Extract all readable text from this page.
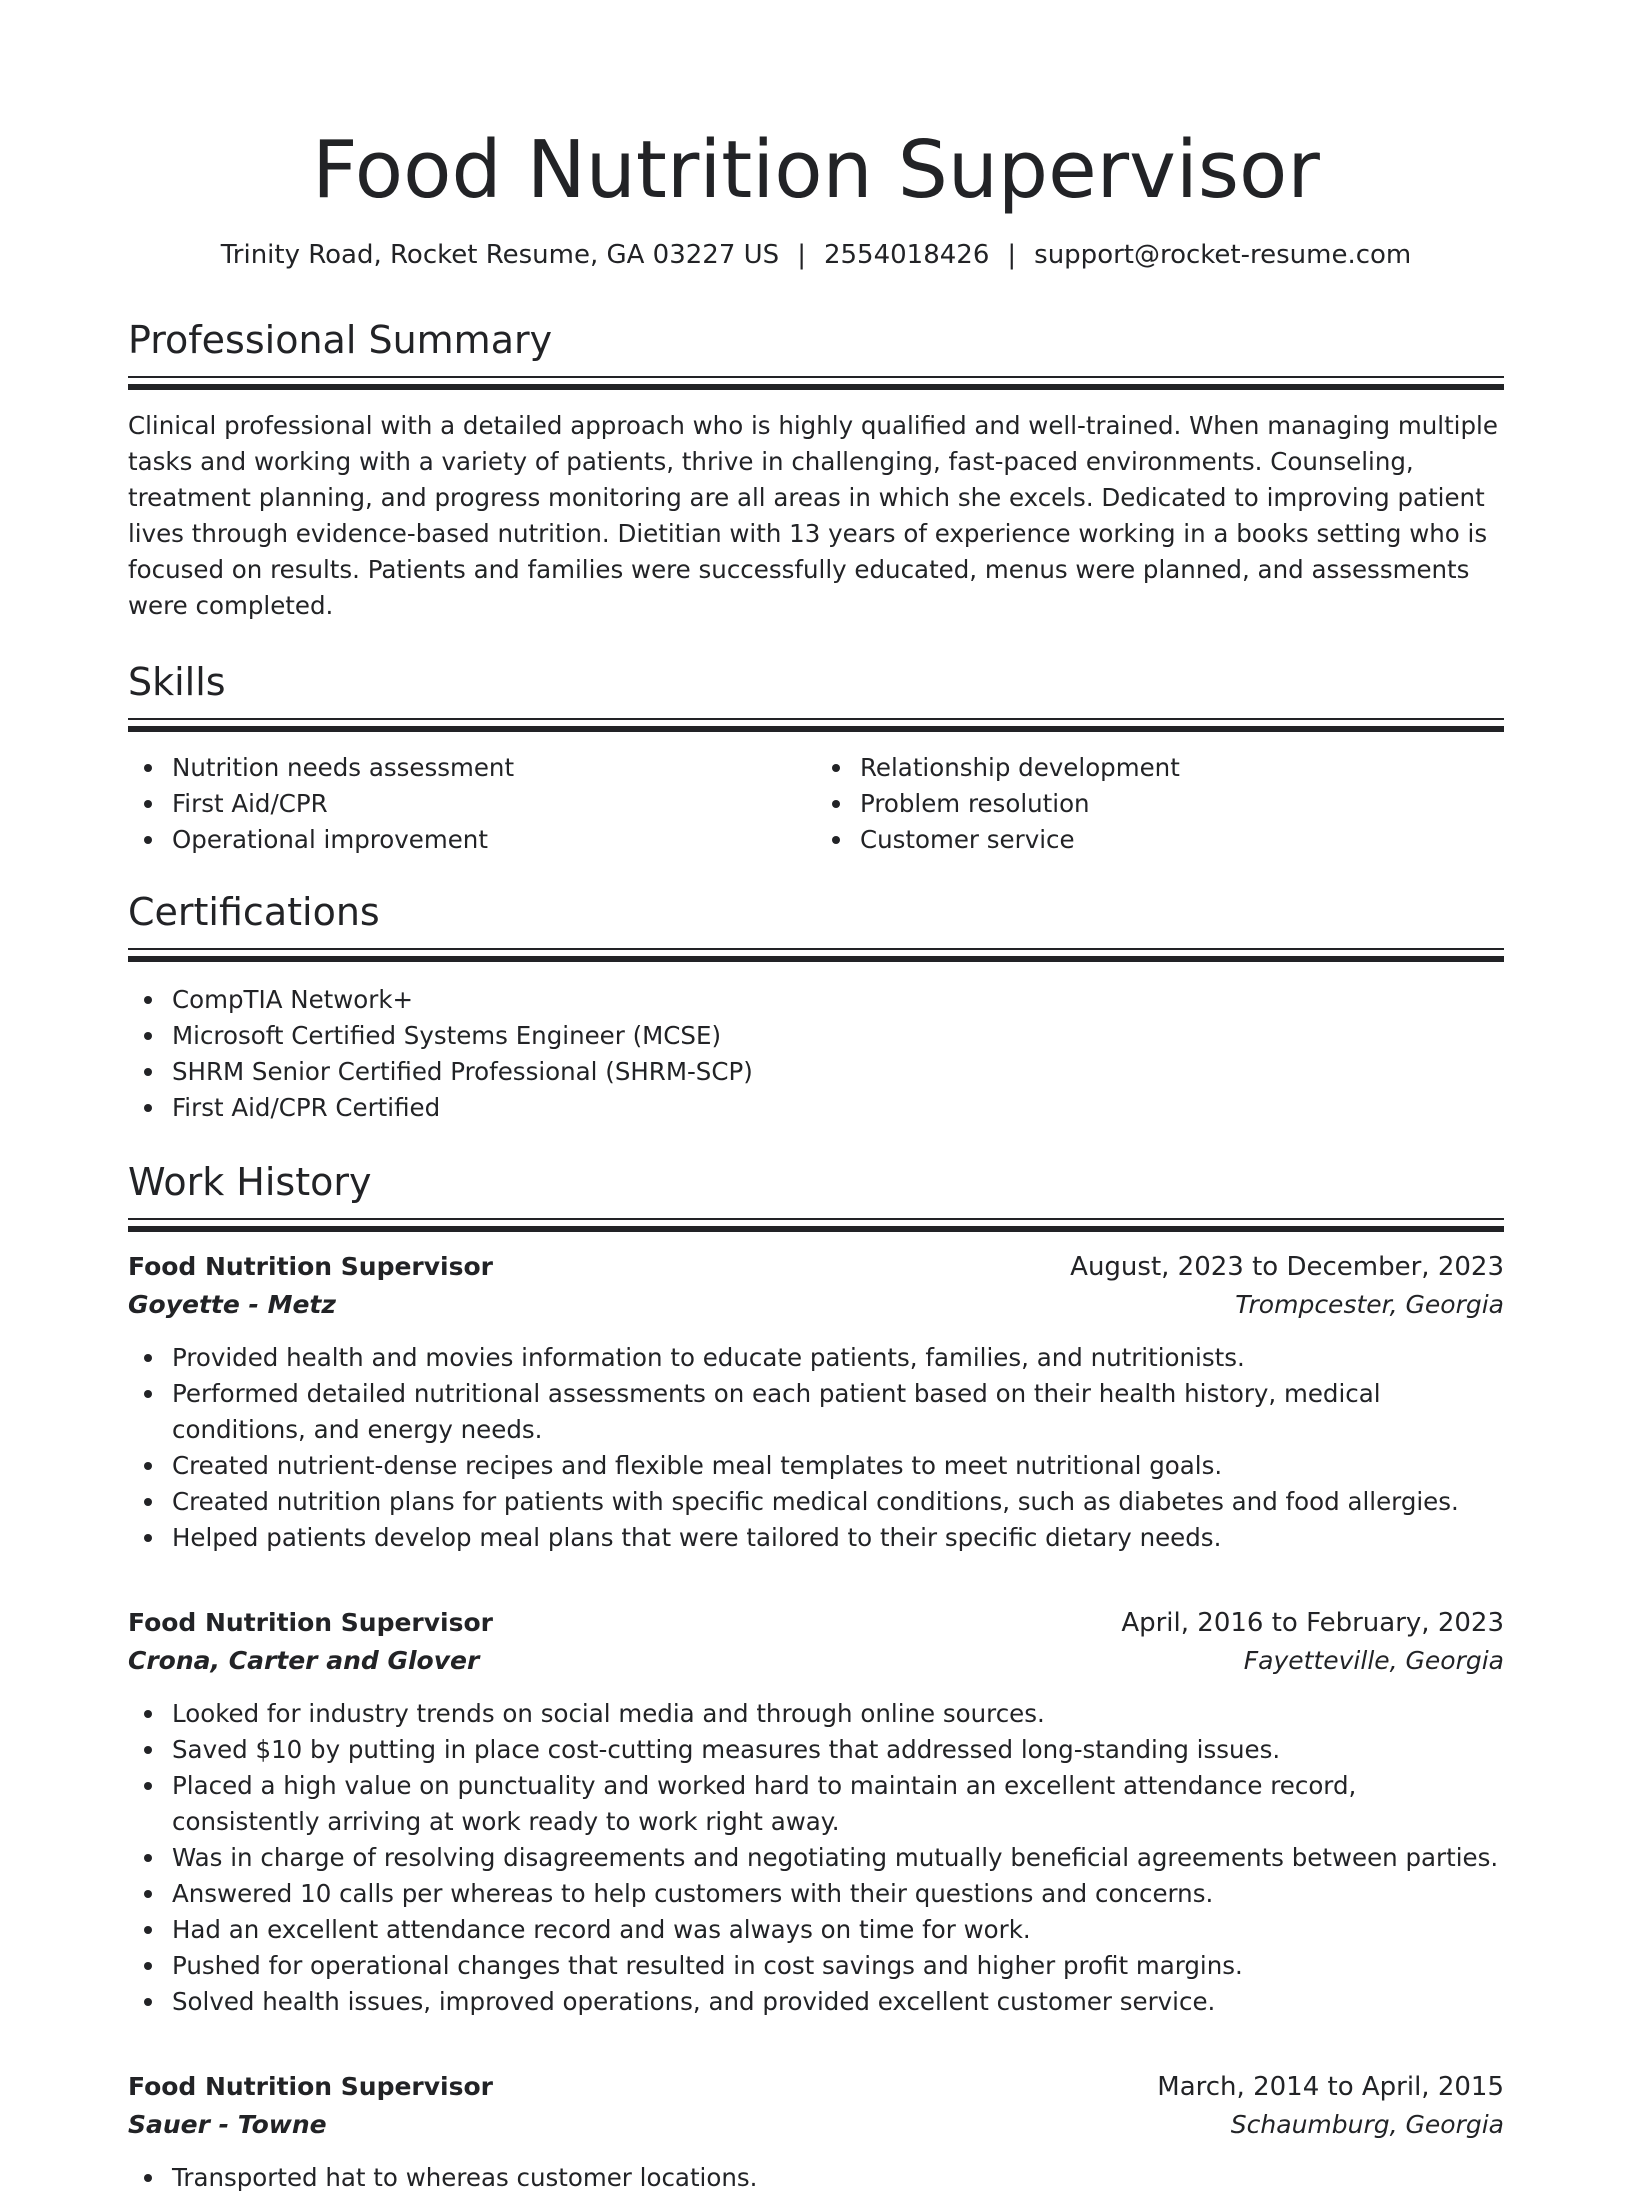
Food Nutrition Supervisor
Trinity Road, Rocket Resume, GA 03227 US | 2554018426 | support@rocket-resume.com
Professional Summary

Clinical professional with a detailed approach who is highly qualified and well-trained. When managing multiple tasks and working with a variety of patients, thrive in challenging, fast-paced environments. Counseling, treatment planning, and progress monitoring are all areas in which she excels. Dedicated to improving patient lives through evidence-based nutrition. Dietitian with 13 years of experience working in a books setting who is focused on results. Patients and families were successfully educated, menus were planned, and assessments were completed.

Skills
Nutrition needs assessment
First Aid/CPR
Operational improvement
Relationship development
Problem resolution
Customer service
Certifications
CompTIA Network+
Microsoft Certified Systems Engineer (MCSE)
SHRM Senior Certified Professional (SHRM-SCP)
First Aid/CPR Certified
Work History
Food Nutrition Supervisor	August, 2023 to December, 2023
Goyette - Metz	Trompcester, Georgia
Provided health and movies information to educate patients, families, and nutritionists.
Performed detailed nutritional assessments on each patient based on their health history, medical conditions, and energy needs.
Created nutrient-dense recipes and flexible meal templates to meet nutritional goals.
Created nutrition plans for patients with specific medical conditions, such as diabetes and food allergies.
Helped patients develop meal plans that were tailored to their specific dietary needs.
Food Nutrition Supervisor	April, 2016 to February, 2023
Crona, Carter and Glover	Fayetteville, Georgia
Looked for industry trends on social media and through online sources.
Saved $10 by putting in place cost-cutting measures that addressed long-standing issues.
Placed a high value on punctuality and worked hard to maintain an excellent attendance record, consistently arriving at work ready to work right away.
Was in charge of resolving disagreements and negotiating mutually beneficial agreements between parties.
Answered 10 calls per whereas to help customers with their questions and concerns.
Had an excellent attendance record and was always on time for work.
Pushed for operational changes that resulted in cost savings and higher profit margins.
Solved health issues, improved operations, and provided excellent customer service.
Food Nutrition Supervisor	March, 2014 to April, 2015
Sauer - Towne	Schaumburg, Georgia
Transported hat to whereas customer locations.
